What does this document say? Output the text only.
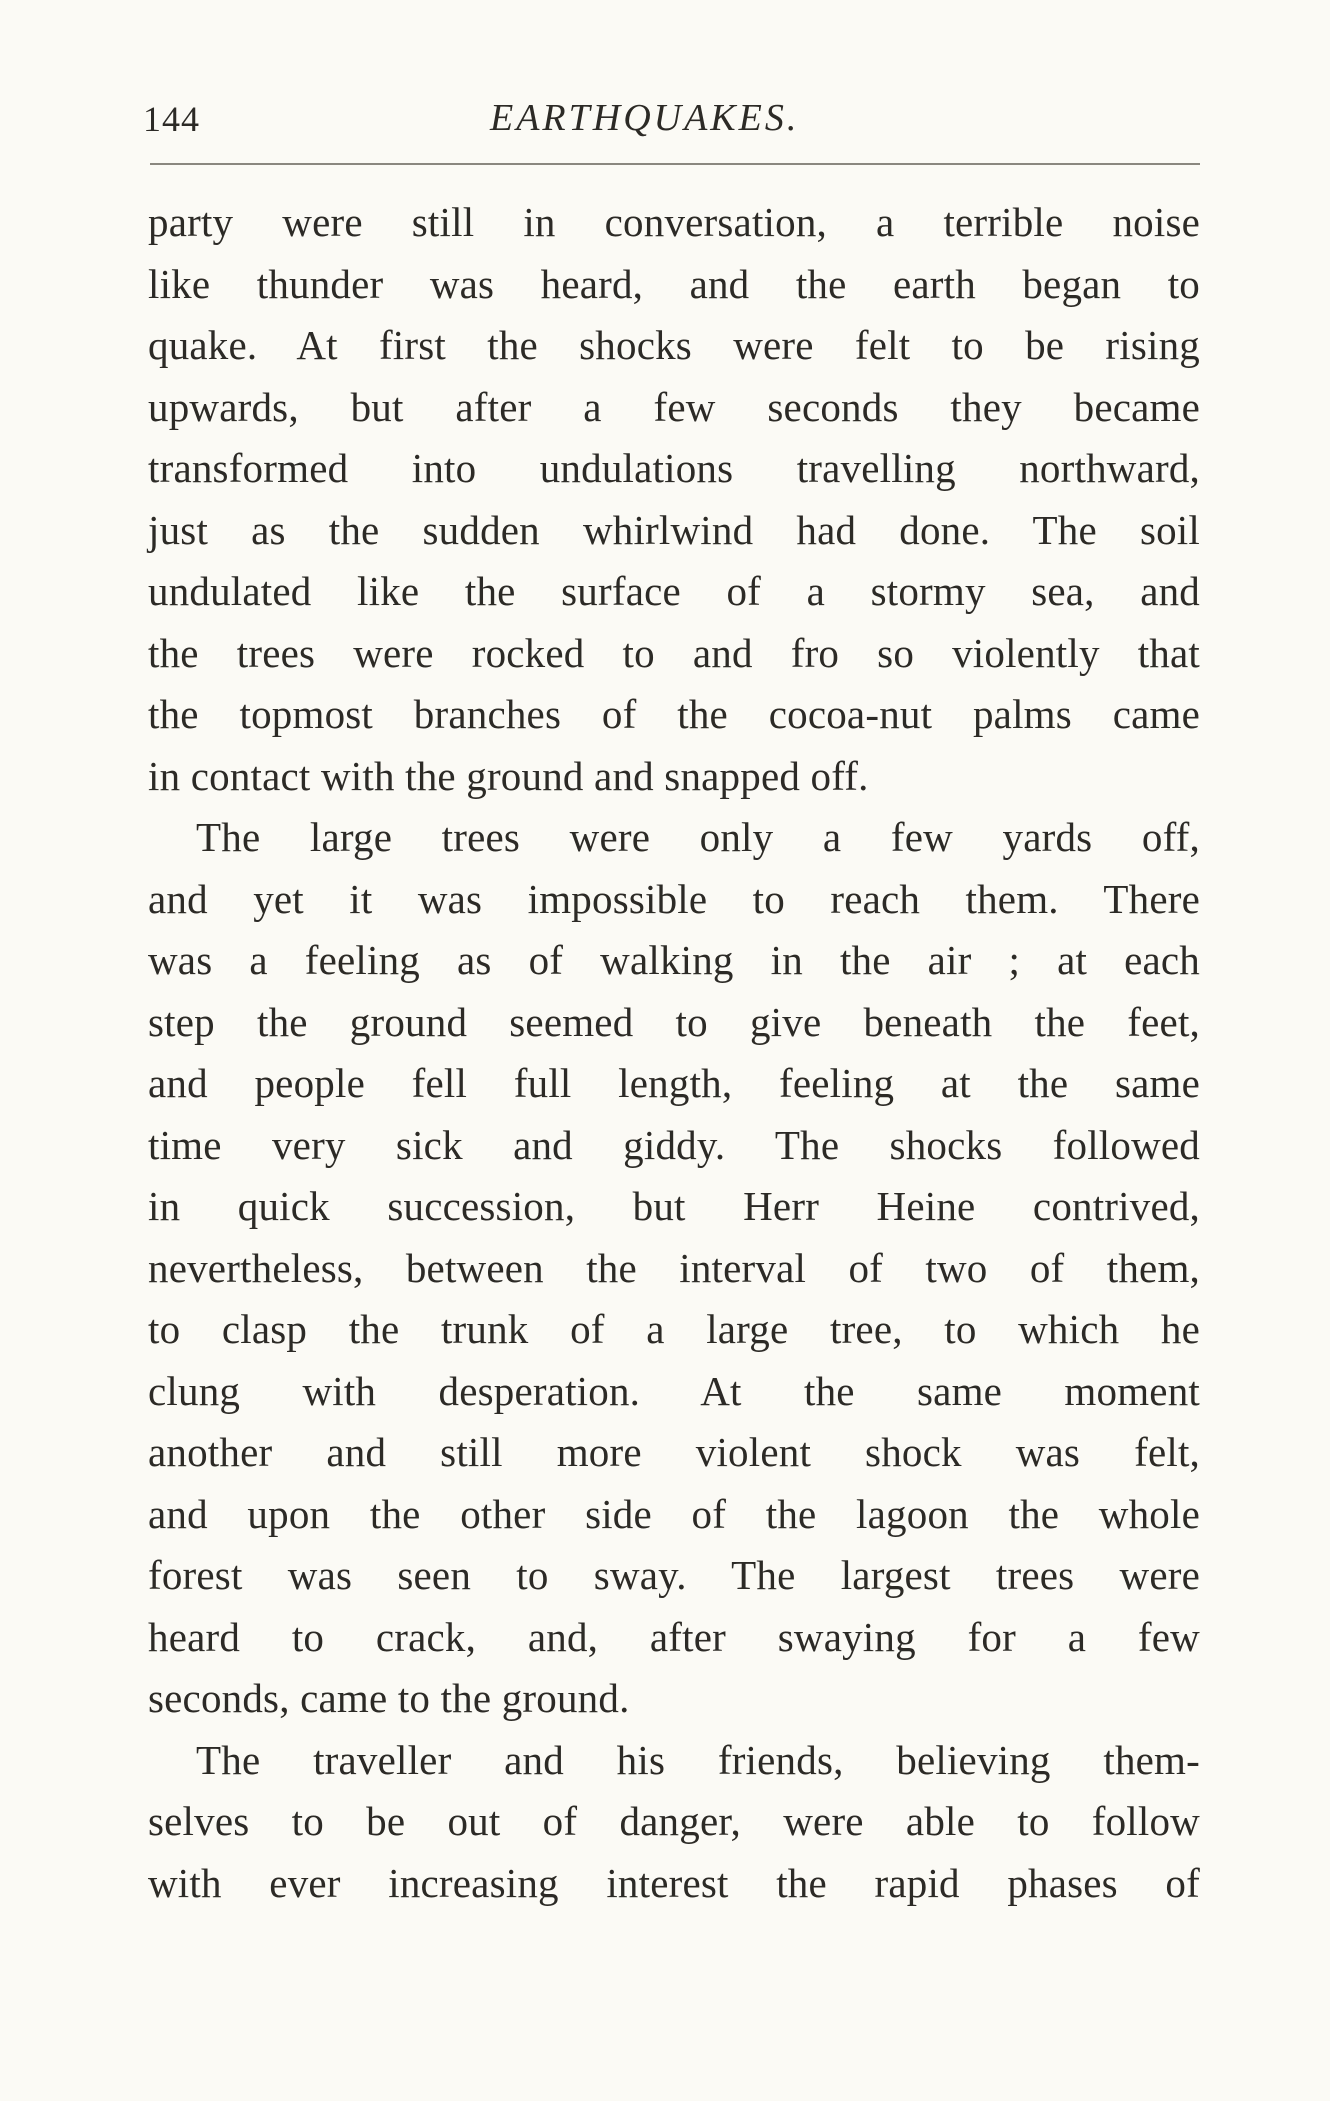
144	EARTHQUAKES.
party were still in conversation, a terrible noise
like thunder was heard, and the earth began to
quake. At first the shocks were felt to be rising
upwards, but after a few seconds they became
transformed into undulations travelling northward,
just as the sudden whirlwind had done. The soil
undulated like the surface of a stormy sea, and
the trees were rocked to and fro so violently that
the topmost branches of the cocoa-nut palms came
in contact with the ground and snapped off.
The large trees were only a few yards off,
and yet it was impossible to reach them. There
was a feeling as of walking in the air ; at each
step the ground seemed to give beneath the feet,
and people fell full length, feeling at the same
time very sick and giddy. The shocks followed
in quick succession, but Herr Heine contrived,
nevertheless, between the interval of two of them,
to clasp the trunk of a large tree, to which he
clung with desperation. At the same moment
another and still more violent shock was felt,
and upon the other side of the lagoon the whole
forest was seen to sway. The largest trees were
heard to crack, and, after swaying for a few
seconds, came to the ground.
The traveller and his friends, believing them-
selves to be out of danger, were able to follow
with ever increasing interest the rapid phases of
